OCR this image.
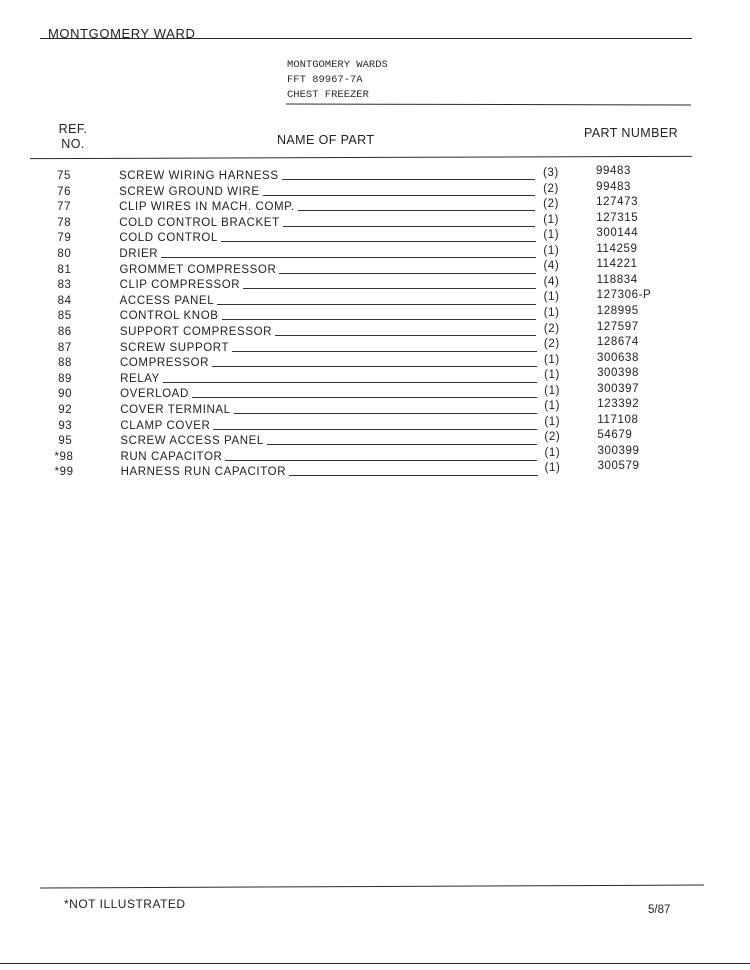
MONTGOMERY WARD
MONTGOMERY WARDS
FFT 89967-7A
CHEST FREEZER
REF.
NO.	NAME OF PART	PART NUMBER
75	SCREW WIRING HARNESS	(3)	99483
76	SCREW GROUND WIRE	(2)	99483
77	CLIP WIRES IN MACH. COMP.	(2)	127473
78	COLD CONTROL BRACKET	(1)	127315
79	COLD CONTROL	(1)	300144
80	DRIER	(1)	114259
81	GROMMET COMPRESSOR	(4)	114221
83	CLIP COMPRESSOR	(4)	118834
84	ACCESS PANEL	(1)	127306-P
85	CONTROL KNOB	(1)	128995
86	SUPPORT COMPRESSOR	(2)	127597
87	SCREW SUPPORT	(2)	128674
88	COMPRESSOR	(1)	300638
89	RELAY	(1)	300398
90	OVERLOAD	(1)	300397
92	COVER TERMINAL	(1)	123392
93	CLAMP COVER	(1)	117108
95	SCREW ACCESS PANEL	(2)	54679
*98	RUN CAPACITOR	(1)	300399
*99	HARNESS RUN CAPACITOR	(1)	300579
*NOT ILLUSTRATED	5/87
